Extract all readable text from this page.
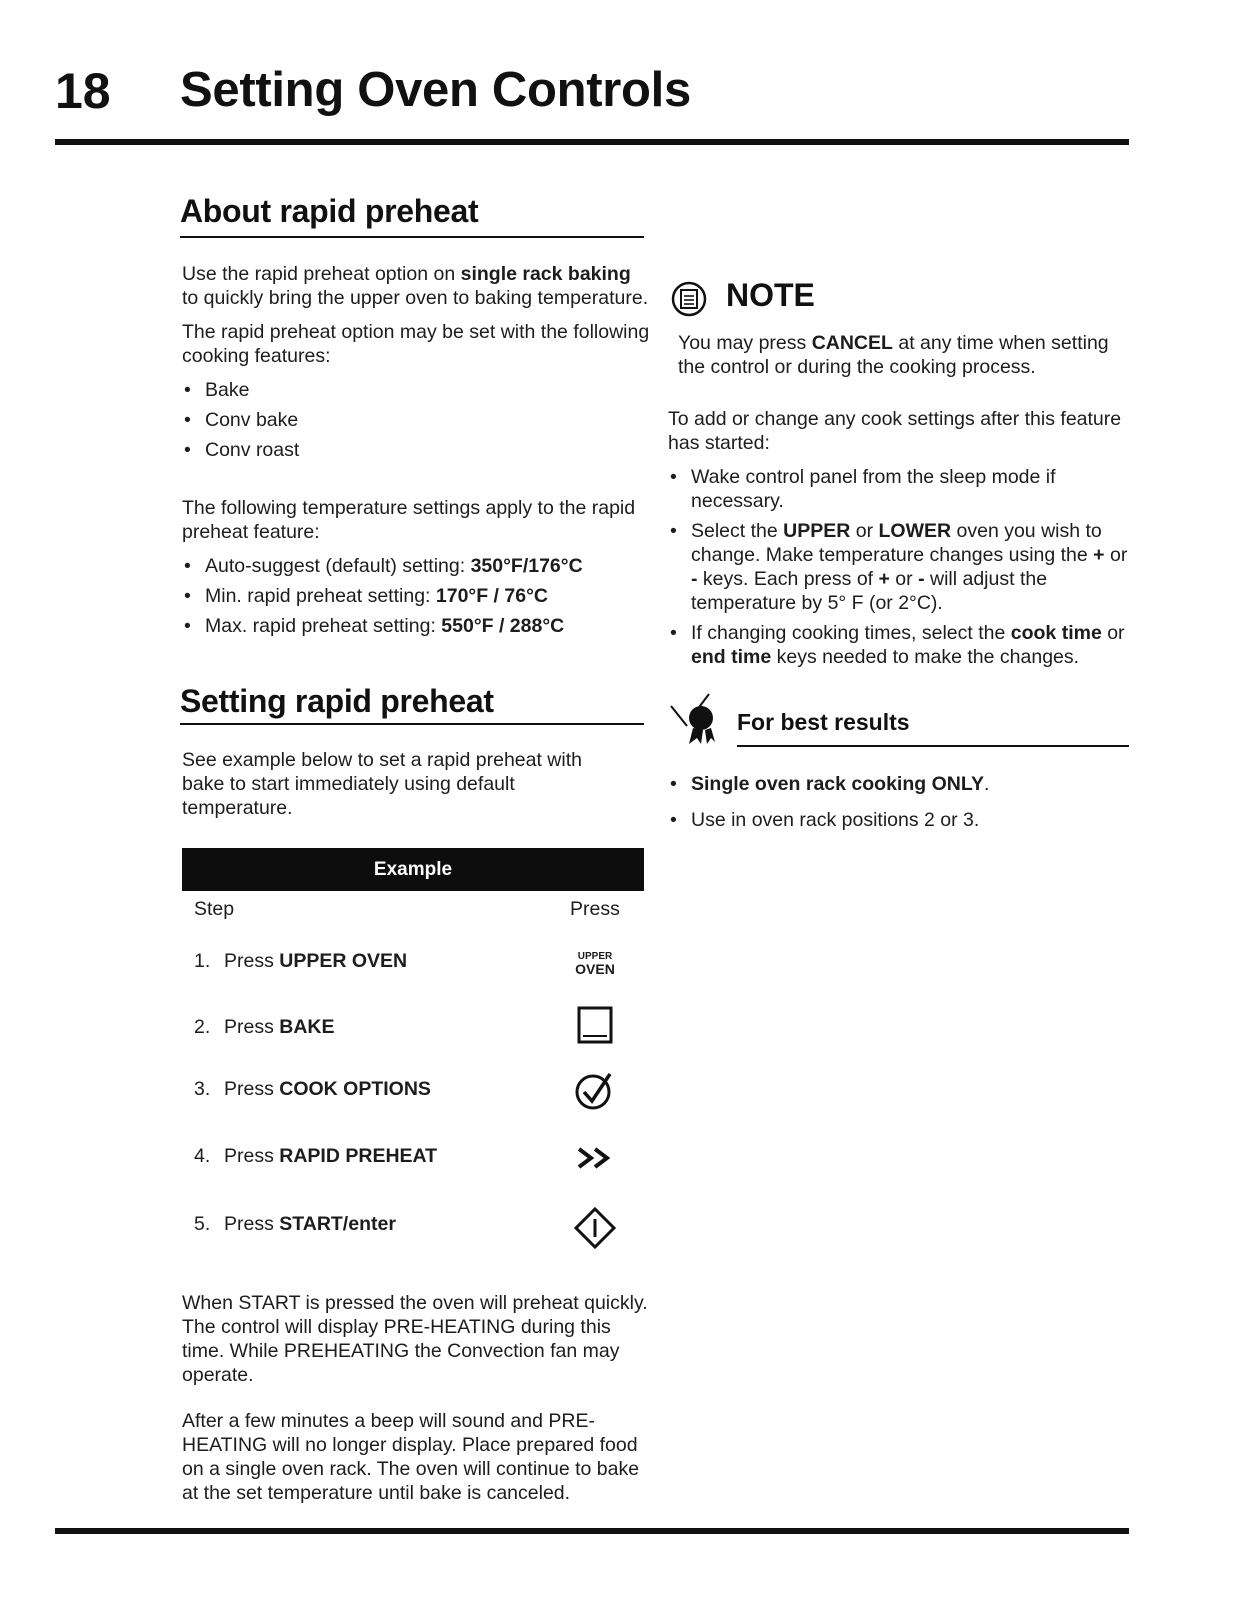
18 Setting Oven Controls
About rapid preheat

Use the rapid preheat option on single rack baking to quickly bring the upper oven to baking temperature.

The rapid preheat option may be set with the following cooking features:

• Bake
• Conv bake
• Conv roast

The following temperature settings apply to the rapid preheat feature:

• Auto-suggest (default) setting: 350°F/176°C
• Min. rapid preheat setting: 170°F / 76°C
• Max. rapid preheat setting: 550°F / 288°C
Setting rapid preheat
See example below to set a rapid preheat with bake to start immediately using default temperature.
Example
Step	Press
1. Press UPPER OVEN
2. Press BAKE
3. Press COOK OPTIONS
4. Press RAPID PREHEAT
5. Press START/enter
UPPER
OVEN

When START is pressed the oven will preheat quickly. The control will display PRE-HEATING during this time. While PREHEATING the Convection fan may operate.

After a few minutes a beep will sound and PRE-HEATING will no longer display. Place prepared food on a single oven rack. The oven will continue to bake at the set temperature until bake is canceled.

NOTE
You may press CANCEL at any time when setting the control or during the cooking process.

To add or change any cook settings after this feature has started:

• Wake control panel from the sleep mode if necessary.
• Select the UPPER or LOWER oven you wish to change. Make temperature changes using the + or - keys. Each press of + or - will adjust the temperature by 5° F (or 2°C).
• If changing cooking times, select the cook time or end time keys needed to make the changes.
For best results
• Single oven rack cooking ONLY.
• Use in oven rack positions 2 or 3.
